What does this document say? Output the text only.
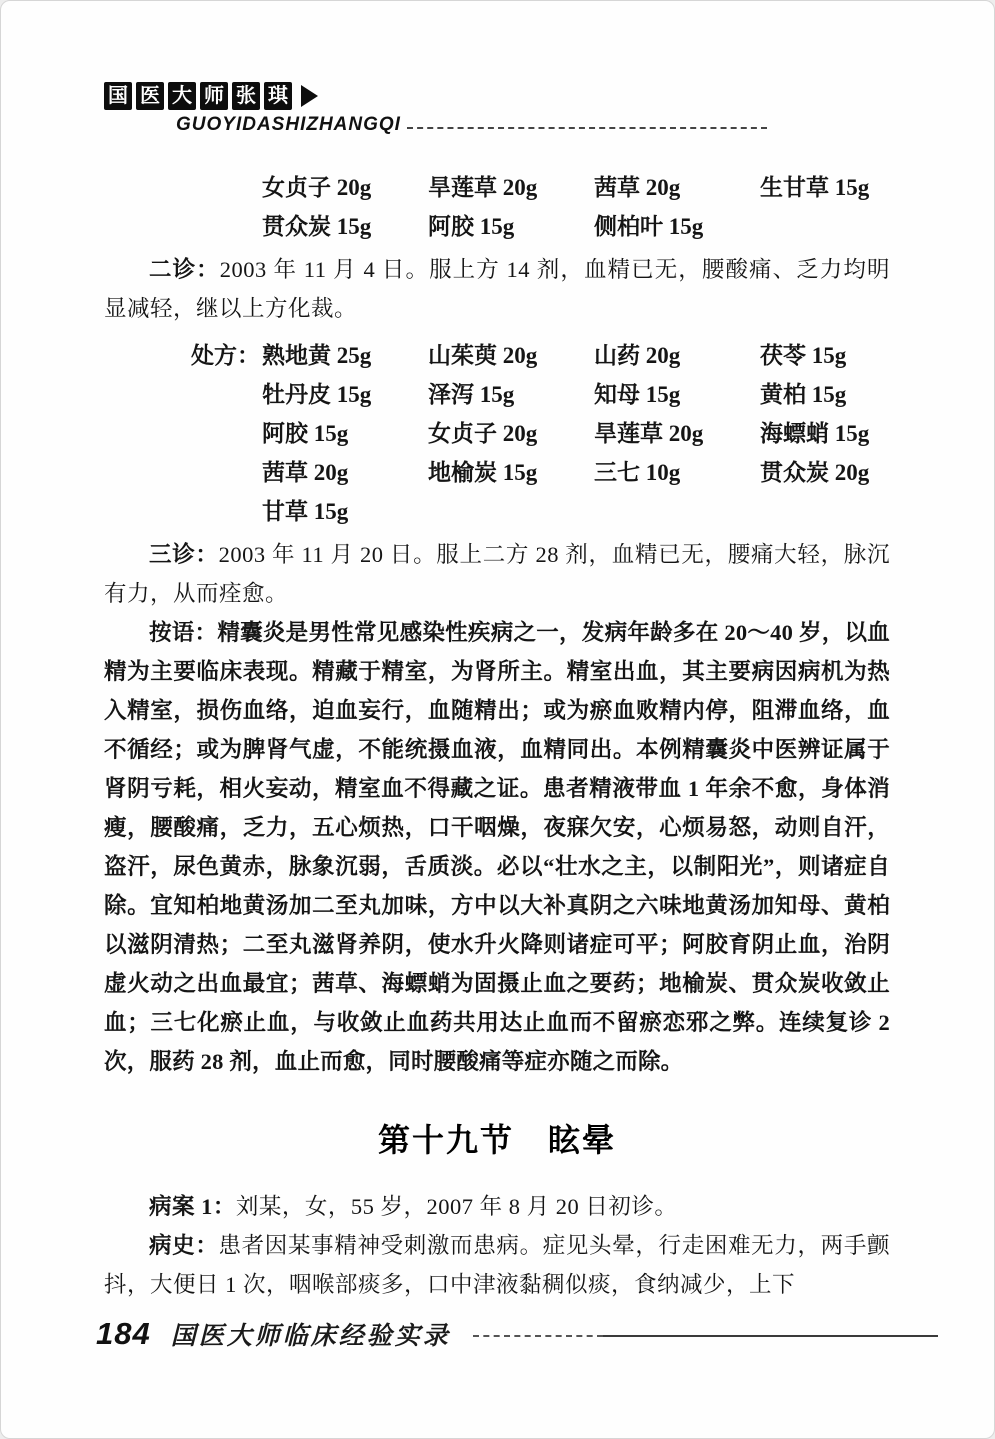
国 医 大 师 张 琪
GUOYIDASHIZHANGQI
女贞子 20g	旱莲草 20g	茜草 20g	生甘草 15g
贯众炭 15g	阿胶 15g	侧柏叶 15g

二诊：2003 年 11 月 4 日。服上方 14 剂，血精已无，腰酸痛、乏力均明显减轻，继以上方化裁。

处方： 熟地黄 25g	山茱萸 20g	山药 20g	茯苓 15g
牡丹皮 15g	泽泻 15g	知母 15g	黄柏 15g
阿胶 15g	女贞子 20g	旱莲草 20g	海螵蛸 15g
茜草 20g	地榆炭 15g	三七 10g	贯众炭 20g
甘草 15g

三诊：2003 年 11 月 20 日。服上二方 28 剂，血精已无，腰痛大轻，脉沉有力，从而痊愈。

按语：精囊炎是男性常见感染性疾病之一，发病年龄多在 20～40 岁，以血精为主要临床表现。精藏于精室，为肾所主。精室出血，其主要病因病机为热入精室，损伤血络，迫血妄行，血随精出；或为瘀血败精内停，阻滞血络，血不循经；或为脾肾气虚，不能统摄血液，血精同出。本例精囊炎中医辨证属于肾阴亏耗，相火妄动，精室血不得藏之证。患者精液带血 1 年余不愈，身体消瘦，腰酸痛，乏力，五心烦热，口干咽燥，夜寐欠安，心烦易怒，动则自汗，盗汗，尿色黄赤，脉象沉弱，舌质淡。必以“壮水之主，以制阳光”，则诸症自除。宜知柏地黄汤加二至丸加味，方中以大补真阴之六味地黄汤加知母、黄柏以滋阴清热；二至丸滋肾养阴，使水升火降则诸症可平；阿胶育阴止血，治阴虚火动之出血最宜；茜草、海螵蛸为固摄止血之要药；地榆炭、贯众炭收敛止血；三七化瘀止血，与收敛止血药共用达止血而不留瘀恋邪之弊。连续复诊 2 次，服药 28 剂，血止而愈，同时腰酸痛等症亦随之而除。

第十九节　眩晕

病案 1：刘某，女，55 岁，2007 年 8 月 20 日初诊。

病史：患者因某事精神受刺激而患病。症见头晕，行走困难无力，两手颤抖，大便日 1 次，咽喉部痰多，口中津液黏稠似痰，食纳减少，上下

184 国医大师临床经验实录
